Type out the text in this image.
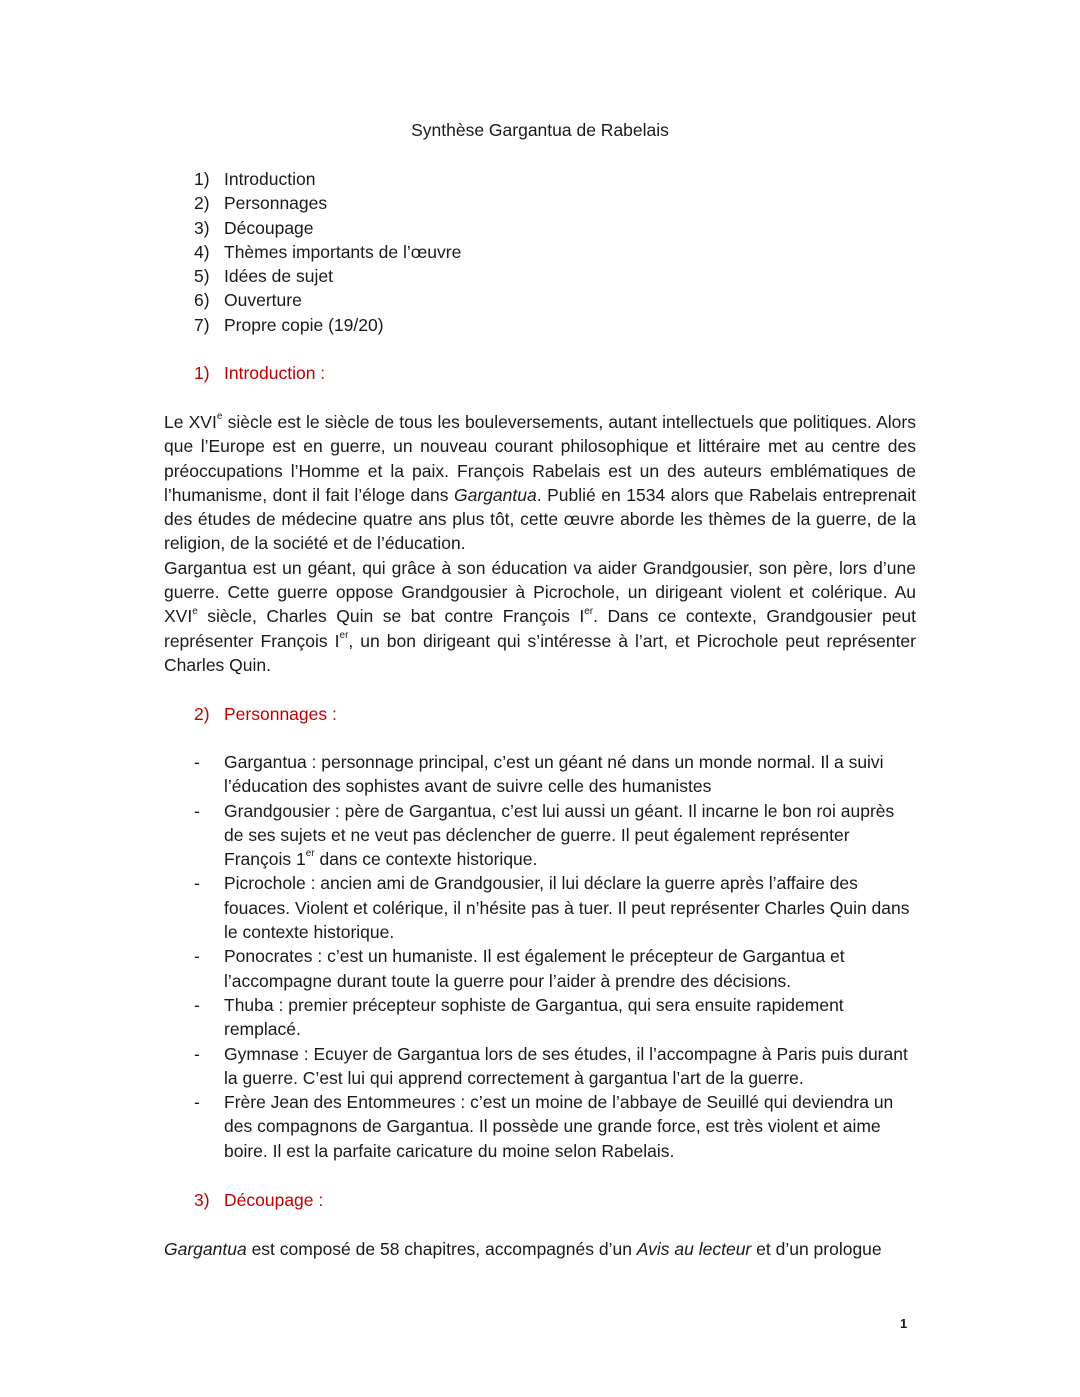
Synthèse Gargantua de Rabelais
1) Introduction
2) Personnages
3) Découpage
4) Thèmes importants de l’œuvre
5) Idées de sujet
6) Ouverture
7) Propre copie (19/20)
1) Introduction :

Le XVIe siècle est le siècle de tous les bouleversements, autant intellectuels que politiques. Alors que l’Europe est en guerre, un nouveau courant philosophique et littéraire met au centre des préoccupations l’Homme et la paix. François Rabelais est un des auteurs emblématiques de l’humanisme, dont il fait l’éloge dans Gargantua. Publié en 1534 alors que Rabelais entreprenait des études de médecine quatre ans plus tôt, cette œuvre aborde les thèmes de la guerre, de la religion, de la société et de l’éducation.

Gargantua est un géant, qui grâce à son éducation va aider Grandgousier, son père, lors d’une guerre. Cette guerre oppose Grandgousier à Picrochole, un dirigeant violent et colérique. Au XVIe siècle, Charles Quin se bat contre François Ier. Dans ce contexte, Grandgousier peut représenter François Ier, un bon dirigeant qui s’intéresse à l’art, et Picrochole peut représenter Charles Quin.

2) Personnages :
-	Gargantua : personnage principal, c’est un géant né dans un monde normal. Il a suivi l’éducation des sophistes avant de suivre celle des humanistes
-	Grandgousier : père de Gargantua, c’est lui aussi un géant. Il incarne le bon roi auprès de ses sujets et ne veut pas déclencher de guerre. Il peut également représenter François 1er dans ce contexte historique.
-	Picrochole : ancien ami de Grandgousier, il lui déclare la guerre après l’affaire des fouaces. Violent et colérique, il n’hésite pas à tuer. Il peut représenter Charles Quin dans le contexte historique.
-	Ponocrates : c’est un humaniste. Il est également le précepteur de Gargantua et l’accompagne durant toute la guerre pour l’aider à prendre des décisions.
-	Thuba : premier précepteur sophiste de Gargantua, qui sera ensuite rapidement remplacé.
-	Gymnase : Ecuyer de Gargantua lors de ses études, il l’accompagne à Paris puis durant la guerre. C’est lui qui apprend correctement à gargantua l’art de la guerre.
-	Frère Jean des Entommeures : c’est un moine de l’abbaye de Seuillé qui deviendra un des compagnons de Gargantua. Il possède une grande force, est très violent et aime boire. Il est la parfaite caricature du moine selon Rabelais.
3) Découpage :

Gargantua est composé de 58 chapitres, accompagnés d’un Avis au lecteur et d’un prologue

1
